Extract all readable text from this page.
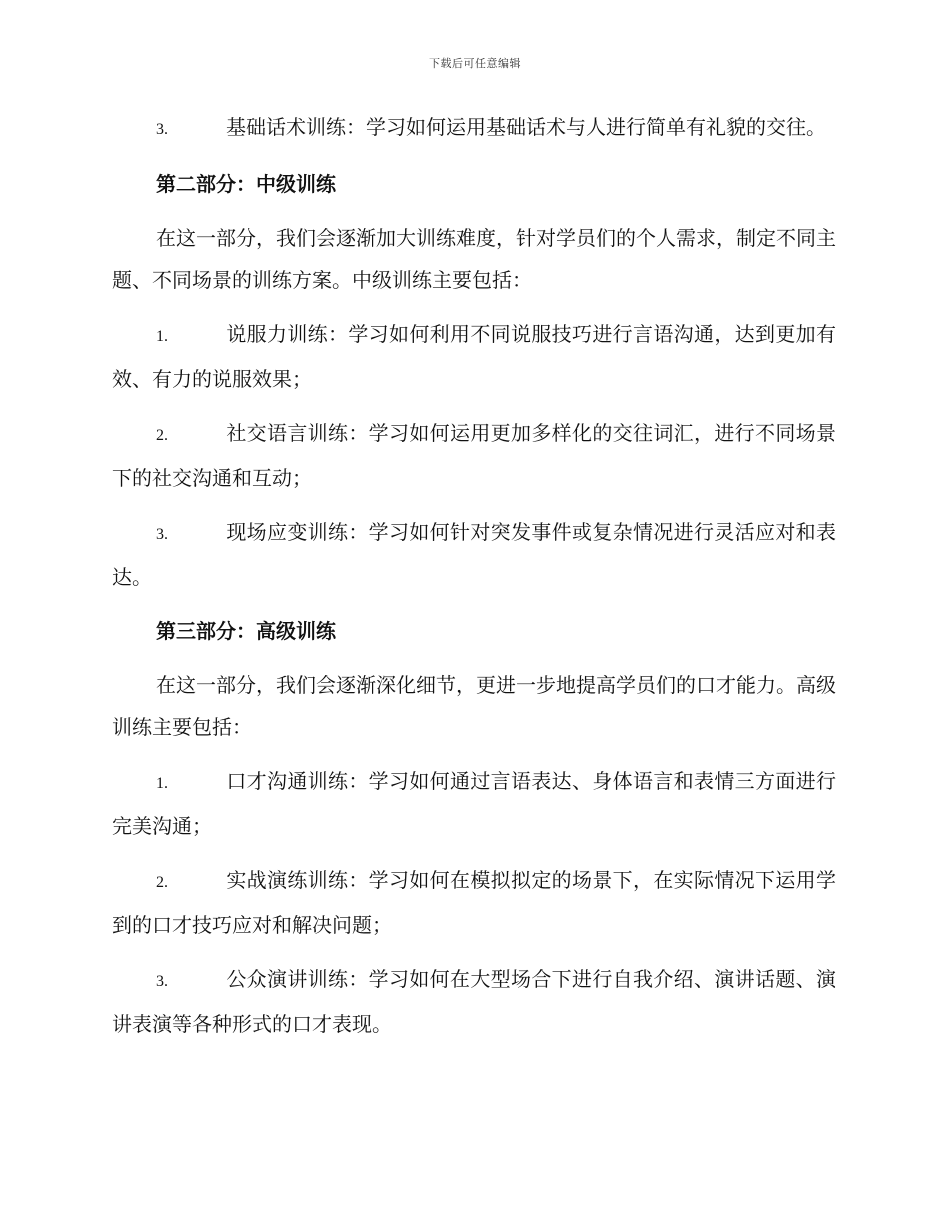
下载后可任意编辑
3.	基础话术训练：学习如何运用基础话术与人进行简单有礼貌的交往。
第二部分：中级训练
在这一部分，我们会逐渐加大训练难度，针对学员们的个人需求，制定不同主题、不同场景的训练方案。中级训练主要包括：
1.	说服力训练：学习如何利用不同说服技巧进行言语沟通，达到更加有效、有力的说服效果；
2.	社交语言训练：学习如何运用更加多样化的交往词汇，进行不同场景下的社交沟通和互动；
3.	现场应变训练：学习如何针对突发事件或复杂情况进行灵活应对和表达。
第三部分：高级训练
在这一部分，我们会逐渐深化细节，更进一步地提高学员们的口才能力。高级训练主要包括：
1.	口才沟通训练：学习如何通过言语表达、身体语言和表情三方面进行完美沟通；
2.	实战演练训练：学习如何在模拟拟定的场景下，在实际情况下运用学到的口才技巧应对和解决问题；
3.	公众演讲训练：学习如何在大型场合下进行自我介绍、演讲话题、演讲表演等各种形式的口才表现。
